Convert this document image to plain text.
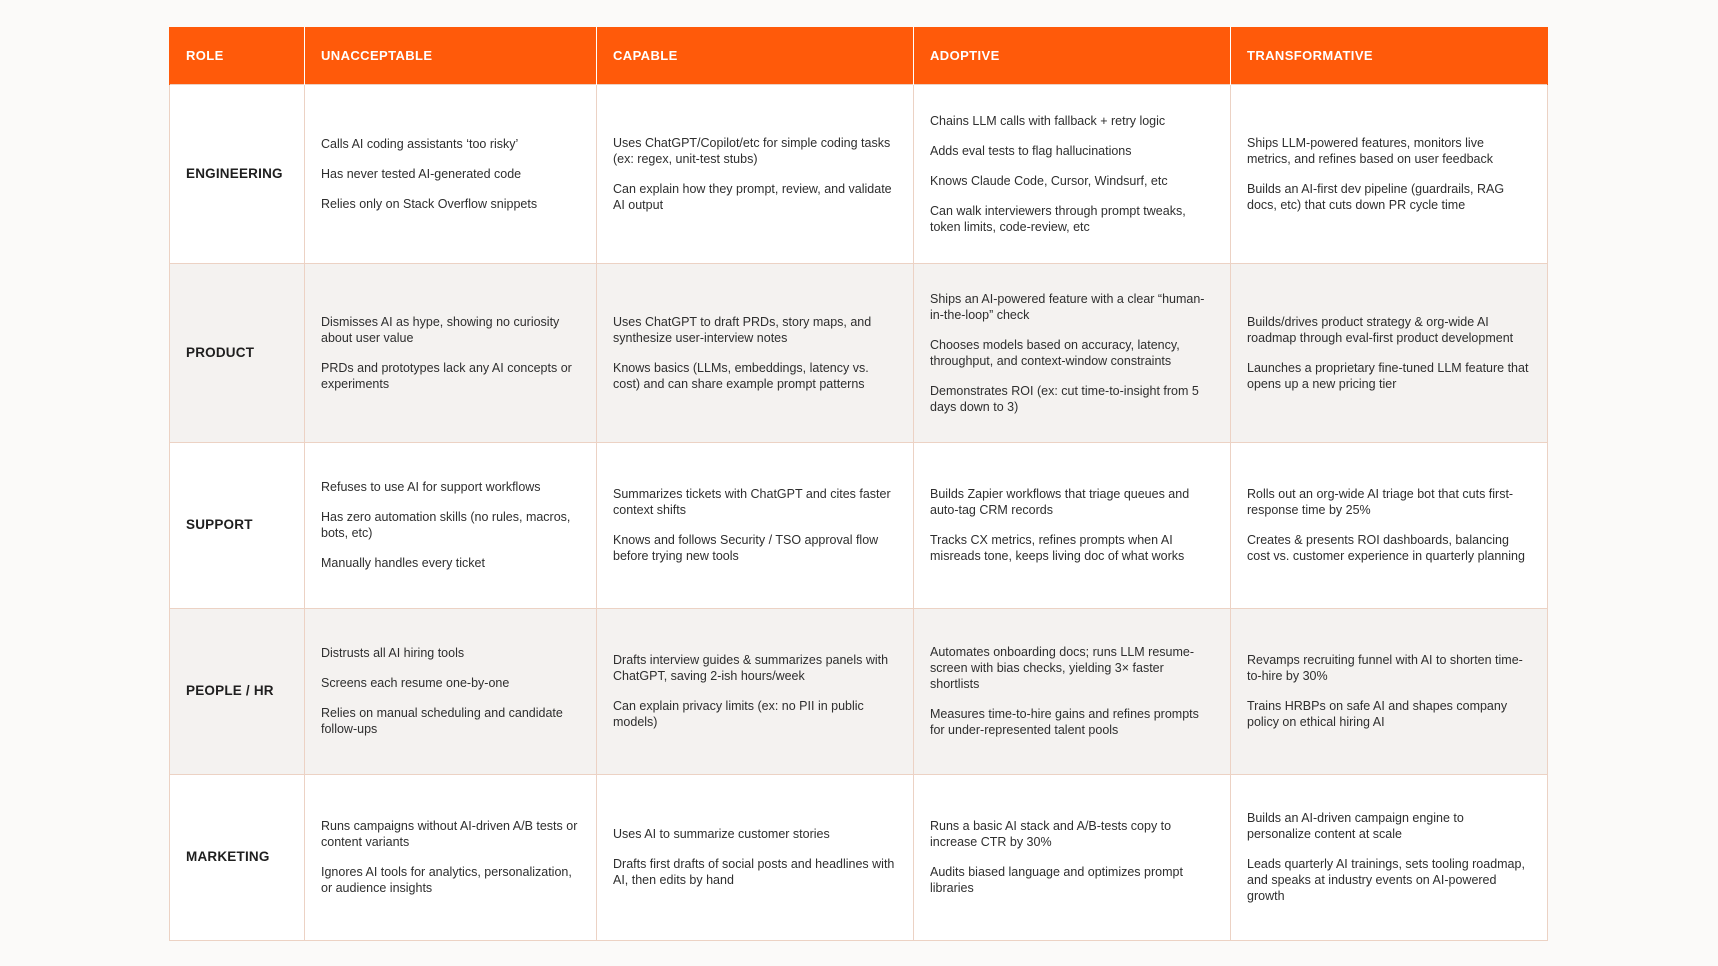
ROLE	UNACCEPTABLE	CAPABLE	ADOPTIVE	TRANSFORMATIVE
ENGINEERING	Calls AI coding assistants ‘too risky’
Has never tested AI-generated code
Relies only on Stack Overflow snippets	Uses ChatGPT/Copilot/etc for simple coding tasks (ex: regex, unit-test stubs)
Can explain how they prompt, review, and validate AI output	Chains LLM calls with fallback + retry logic
Adds eval tests to flag hallucinations
Knows Claude Code, Cursor, Windsurf, etc
Can walk interviewers through prompt tweaks, token limits, code-review, etc	Ships LLM-powered features, monitors live metrics, and refines based on user feedback
Builds an AI-first dev pipeline (guardrails, RAG docs, etc) that cuts down PR cycle time

PRODUCT	Dismisses AI as hype, showing no curiosity about user value
PRDs and prototypes lack any AI concepts or experiments	Uses ChatGPT to draft PRDs, story maps, and synthesize user-interview notes
Knows basics (LLMs, embeddings, latency vs. cost) and can share example prompt patterns	Ships an AI-powered feature with a clear “human-in-the-loop” check
Chooses models based on accuracy, latency, throughput, and context-window constraints
Demonstrates ROI (ex: cut time-to-insight from 5 days down to 3)	Builds/drives product strategy & org-wide AI roadmap through eval-first product development
Launches a proprietary fine-tuned LLM feature that opens up a new pricing tier

SUPPORT	Refuses to use AI for support workflows
Has zero automation skills (no rules, macros, bots, etc)
Manually handles every ticket	Summarizes tickets with ChatGPT and cites faster context shifts
Knows and follows Security / TSO approval flow before trying new tools	Builds Zapier workflows that triage queues and auto-tag CRM records
Tracks CX metrics, refines prompts when AI misreads tone, keeps living doc of what works	Rolls out an org-wide AI triage bot that cuts first-response time by 25%
Creates & presents ROI dashboards, balancing cost vs. customer experience in quarterly planning

PEOPLE / HR	Distrusts all AI hiring tools
Screens each resume one-by-one
Relies on manual scheduling and candidate follow-ups	Drafts interview guides & summarizes panels with ChatGPT, saving 2-ish hours/week
Can explain privacy limits (ex: no PII in public models)	Automates onboarding docs; runs LLM resume-screen with bias checks, yielding 3× faster shortlists
Measures time-to-hire gains and refines prompts for under-represented talent pools	Revamps recruiting funnel with AI to shorten time-to-hire by 30%
Trains HRBPs on safe AI and shapes company policy on ethical hiring AI

MARKETING	Runs campaigns without AI-driven A/B tests or content variants
Ignores AI tools for analytics, personalization, or audience insights	Uses AI to summarize customer stories
Drafts first drafts of social posts and headlines with AI, then edits by hand	Runs a basic AI stack and A/B-tests copy to increase CTR by 30%
Audits biased language and optimizes prompt libraries	Builds an AI-driven campaign engine to personalize content at scale
Leads quarterly AI trainings, sets tooling roadmap, and speaks at industry events on AI-powered growth
